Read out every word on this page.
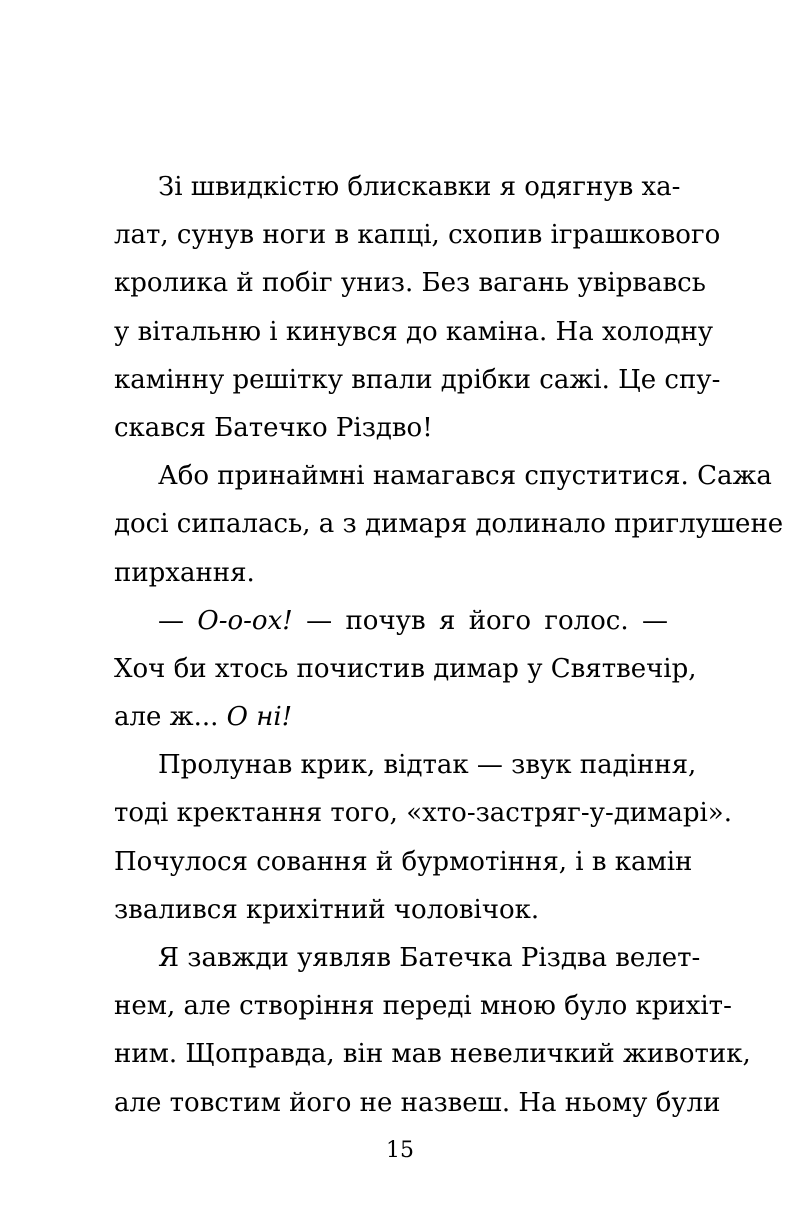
Зі швидкістю блискавки я одягнув ха-
лат, сунув ноги в капці, схопив іграшкового
кролика й побіг униз. Без вагань увірвавсь
у вітальню і кинувся до каміна. На холодну
камінну решітку впали дрібки сажі. Це спу-
скався Батечко Різдво!
Або принаймні намагався спуститися. Сажа
досі сипалась, а з димаря долинало приглушене
пирхання.
— О-о-ох! — почув я його голос. —
Хоч би хтось почистив димар у Святвечір,
але ж... О ні!
Пролунав крик, відтак — звук падіння,
тоді кректання того, «хто-застряг-у-димарі».
Почулося совання й бурмотіння, і в камін
звалився крихітний чоловічок.
Я завжди уявляв Батечка Різдва велет-
нем, але створіння переді мною було крихіт-
ним. Щоправда, він мав невеличкий животик,
але товстим його не назвеш. На ньому були
15
